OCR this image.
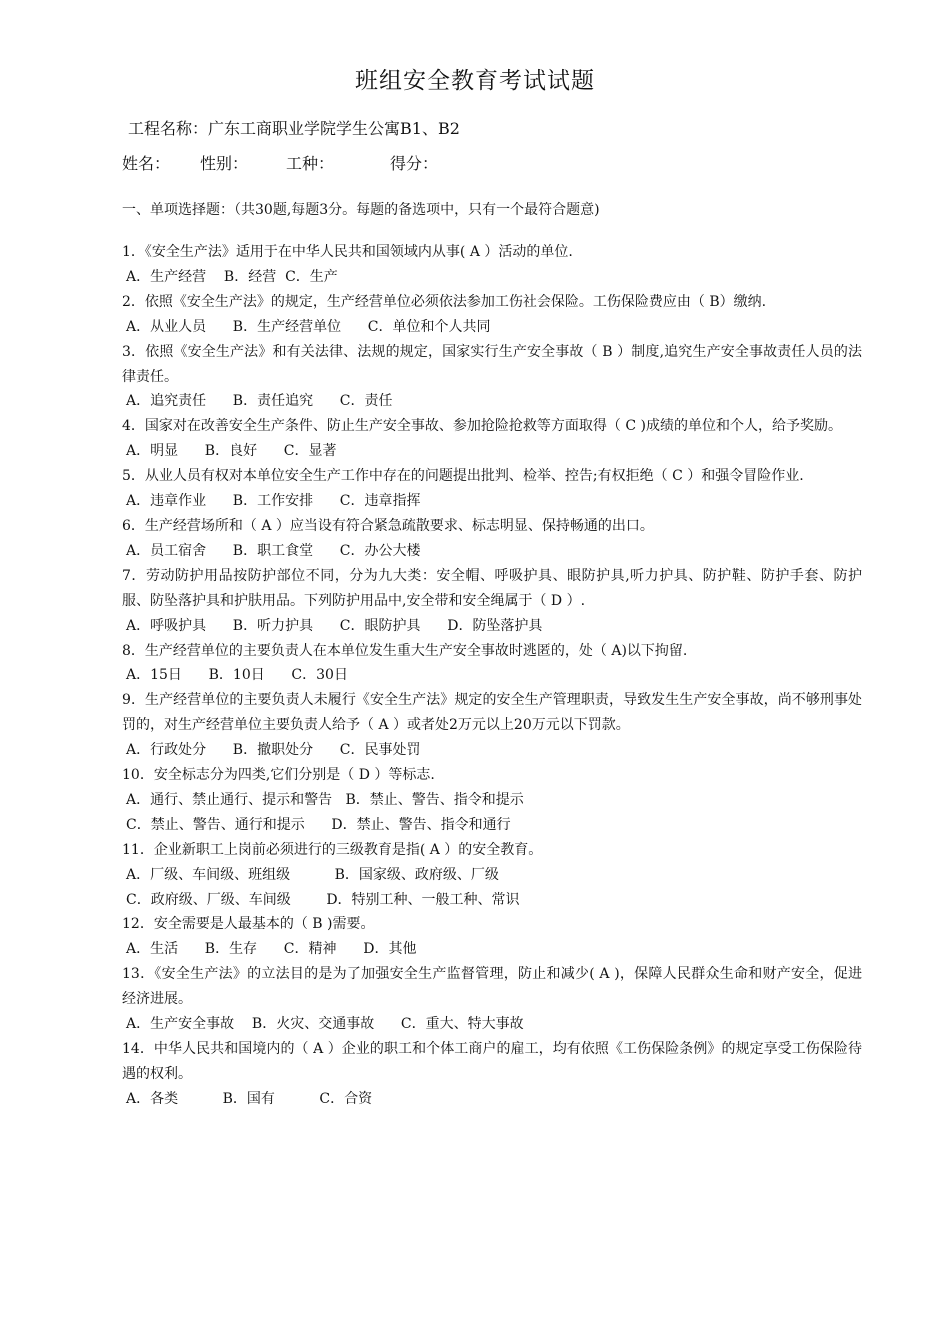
班组安全教育考试试题
工程名称：广东工商职业学院学生公寓B1、B2
姓名： 性别： 工种：	得分：
一、单项选择题：（共30题,每题3分。每题的备选项中，只有一个最符合题意)
1．《安全生产法》适用于在中华人民共和国领域内从事( A ）活动的单位.
A．生产经营    B．经营  C．生产
2．依照《安全生产法》的规定，生产经营单位必须依法参加工伤社会保险。工伤保险费应由（ B）缴纳.
A．从业人员      B．生产经营单位      C．单位和个人共同
3．依照《安全生产法》和有关法律、法规的规定，国家实行生产安全事故（ B ）制度,追究生产安全事故责任人员的法律责任。
A．追究责任      B．责任追究      C．责任
4．国家对在改善安全生产条件、防止生产安全事故、参加抢险抢救等方面取得（ C )成绩的单位和个人，给予奖励。
A．明显      B．良好      C．显著
5．从业人员有权对本单位安全生产工作中存在的问题提出批判、检举、控告;有权拒绝（ C ）和强令冒险作业.
A．违章作业      B．工作安排      C．违章指挥
6．生产经营场所和（ A ）应当设有符合紧急疏散要求、标志明显、保持畅通的出口。
A．员工宿舍      B．职工食堂      C．办公大楼
7．劳动防护用品按防护部位不同，分为九大类：安全帽、呼吸护具、眼防护具,听力护具、防护鞋、防护手套、防护服、防坠落护具和护肤用品。下列防护用品中,安全带和安全绳属于（ D ）.
A．呼吸护具      B．听力护具      C．眼防护具      D．防坠落护具
8．生产经营单位的主要负责人在本单位发生重大生产安全事故时逃匿的，处（ A)以下拘留.
A．15日      B．10日      C．30日
9．生产经营单位的主要负责人未履行《安全生产法》规定的安全生产管理职责，导致发生生产安全事故，尚不够刑事处罚的，对生产经营单位主要负责人给予（ A ）或者处2万元以上20万元以下罚款。
A．行政处分      B．撤职处分      C．民事处罚
10．安全标志分为四类,它们分别是（ D ）等标志.
A．通行、禁止通行、提示和警告   B．禁止、警告、指令和提示
C．禁止、警告、通行和提示      D．禁止、警告、指令和通行
11．企业新职工上岗前必须进行的三级教育是指( A ）的安全教育。
A．厂级、车间级、班组级          B．国家级、政府级、厂级
C．政府级、厂级、车间级        D．特别工种、一般工种、常识
12．安全需要是人最基本的（ B )需要。
A．生活      B．生存      C．精神      D．其他
13．《安全生产法》的立法目的是为了加强安全生产监督管理，防止和减少( A )，保障人民群众生命和财产安全，促进经济进展。
A．生产安全事故    B．火灾、交通事故      C．重大、特大事故
14．中华人民共和国境内的（ A ）企业的职工和个体工商户的雇工，均有依照《工伤保险条例》的规定享受工伤保险待遇的权利。
A．各类          B．国有          C．合资
